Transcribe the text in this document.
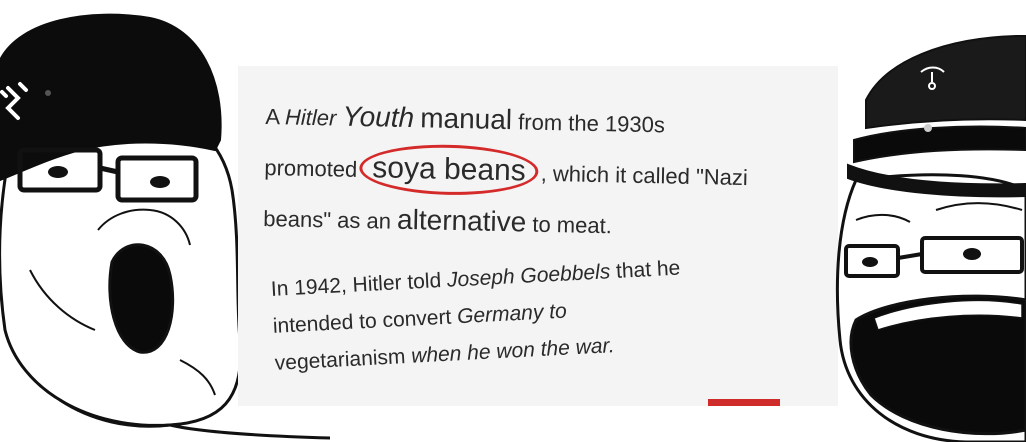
A Hitler Youth manual from the 1930s
promoted soya beans , which it called "Nazi
beans" as an alternative to meat.

In 1942, Hitler told Joseph Goebbels that he
intended to convert Germany to
vegetarianism when he won the war.
